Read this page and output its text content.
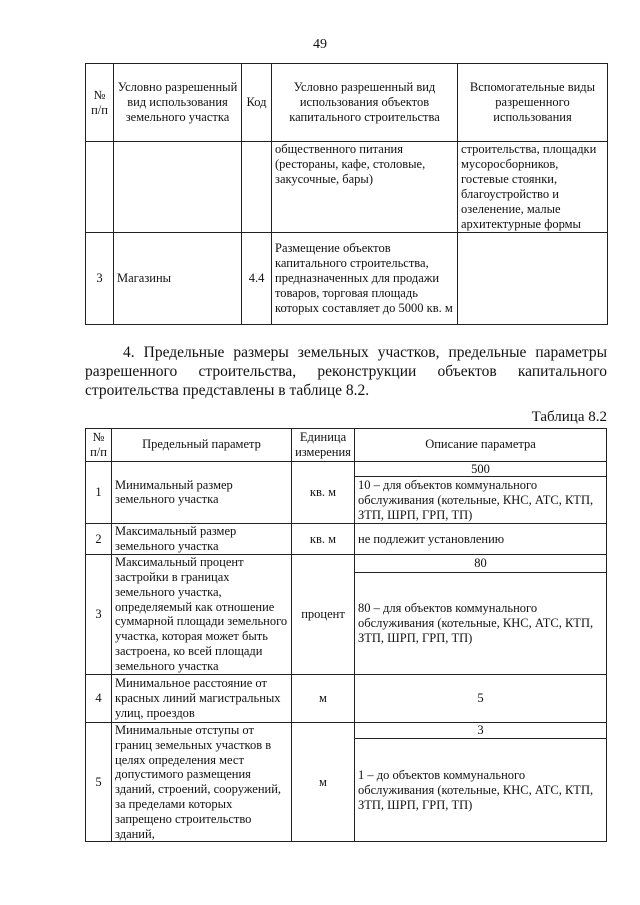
49
№ п/п	Условно разрешенный вид использования земельного участка	Код	Условно разрешенный вид использования объектов капитального строительства	Вспомогательные виды разрешенного использования
			общественного питания (рестораны, кафе, столовые, закусочные, бары)	строительства, площадки мусоросборников, гостевые стоянки, благоустройство и озеленение, малые архитектурные формы
3	Магазины	4.4	Размещение объектов капитального строительства, предназначенных для продажи товаров, торговая площадь которых составляет до 5000 кв. м	

4. Предельные размеры земельных участков, предельные параметры разрешенного строительства, реконструкции объектов капитального строительства представлены в таблице 8.2.

Таблица 8.2
№ п/п	Предельный параметр	Единица измерения	Описание параметра
1	Минимальный размер земельного участка	кв. м	500
			10 – для объектов коммунального обслуживания (котельные, КНС, АТС, КТП, ЗТП, ШРП, ГРП, ТП)
2	Максимальный размер земельного участка	кв. м	не подлежит установлению
3	Максимальный процент застройки в границах земельного участка, определяемый как отношение суммарной площади земельного участка, которая может быть застроена, ко всей площади земельного участка	процент	80
			80 – для объектов коммунального обслуживания (котельные, КНС, АТС, КТП, ЗТП, ШРП, ГРП, ТП)
4	Минимальное расстояние от красных линий магистральных улиц, проездов	м	5
5	Минимальные отступы от границ земельных участков в целях определения мест допустимого размещения зданий, строений, сооружений, за пределами которых запрещено строительство зданий,	м	3
			1 – до объектов коммунального обслуживания (котельные, КНС, АТС, КТП, ЗТП, ШРП, ГРП, ТП)
